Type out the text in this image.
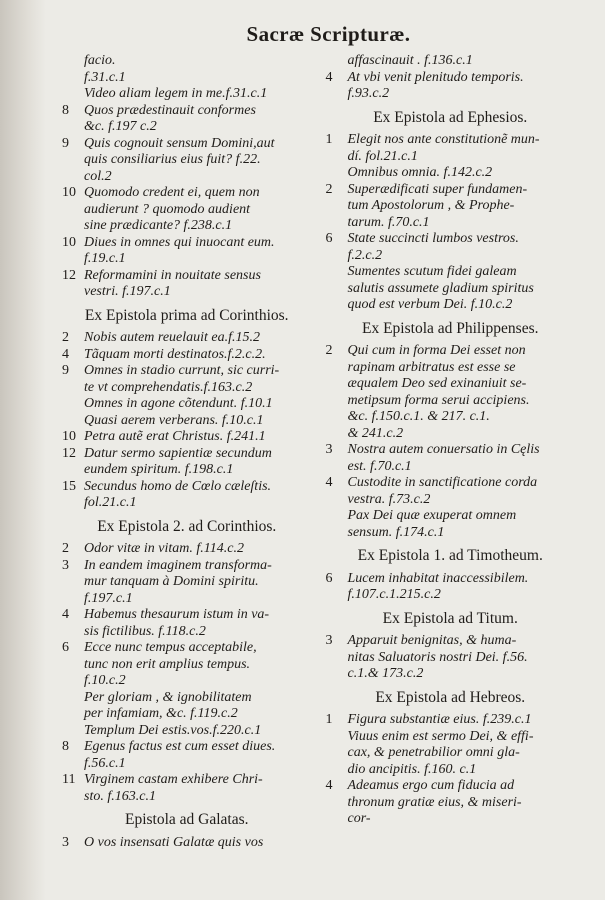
Sacræ Scripturæ.
facio.
f.31.c.1
Video aliam legem in me.f.31.c.1
8	Quos prædestinauit conformes
&c. f.197 c.2
9	Quis cognouit sensum Domini,aut
quis consiliarius eius fuit? f.22.
col.2
10 Quomodo credent ei, quem non
audierunt ? quomodo audient
sine prædicante? f.238.c.1
10 Diues in omnes qui inuocant eum.
f.19.c.1
12 Reformamini in nouitate sensus
vestri. f.197.c.1
Ex Epistola prima ad Corinthios.
2	Nobis autem reuelauit ea.f.15.2
4	Tãquam morti destinatos.f.2.c.2.
9	Omnes in stadio currunt, sic curri-
te vt comprehendatis.f.163.c.2
Omnes in agone cõtendunt. f.10.1
Quasi aerem verberans. f.10.c.1
10 Petra autẽ erat Christus. f.241.1
12 Datur sermo sapientiæ secundum
eundem spiritum. f.198.c.1
15 Secundus homo de Cœlo cæleſtis.
fol.21.c.1
Ex Epistola 2. ad Corinthios.
2	Odor vitæ in vitam. f.114.c.2
3	In eandem imaginem transforma-
mur tanquam à Domini spiritu.
f.197.c.1
4	Habemus thesaurum istum in va-
sis fictilibus. f.118.c.2
6	Ecce nunc tempus acceptabile,
tunc non erit amplius tempus.
f.10.c.2
Per gloriam , & ignobilitatem
per infamiam, &c. f.119.c.2
Templum Dei estis.vos.f.220.c.1
8	Egenus factus est cum esset diues.
f.56.c.1
11 Virginem castam exhibere Chri-
sto. f.163.c.1
Epistola ad Galatas.
3	O vos insensati Galatæ quis vos
affascinauit . f.136.c.1
4	At vbi venit plenitudo temporis.
f.93.c.2
Ex Epistola ad Ephesios.
1	Elegit nos ante constitutionẽ mun-
dí. fol.21.c.1
Omnibus omnia. f.142.c.2
2	Superædificati super fundamen-
tum Apostolorum , & Prophe-
tarum. f.70.c.1
6	State succincti lumbos vestros.
f.2.c.2
Sumentes scutum fidei galeam
salutis assumete gladium spiritus
quod est verbum Dei. f.10.c.2
Ex Epistola ad Philippenses.
2	Qui cum in forma Dei esset non
rapinam arbitratus est esse se
æqualem Deo sed exinaniuit se-
metipsum forma serui accipiens.
&c. f.150.c.1. & 217. c.1.
& 241.c.2
3	Nostra autem conuersatio in Cęlis
est. f.70.c.1
4	Custodite in sanctificatione corda
vestra. f.73.c.2
Pax Dei quæ exuperat omnem
sensum. f.174.c.1
Ex Epistola 1. ad Timotheum.
6	Lucem inhabitat inaccessibilem.
f.107.c.1.215.c.2
Ex Epistola ad Titum.
3	Apparuit benignitas, & huma-
nitas Saluatoris nostri Dei. f.56.
c.1.& 173.c.2
Ex Epistola ad Hebreos.
1	Figura substantiæ eius. f.239.c.1
Viuus enim est sermo Dei, & effi-
cax, & penetrabilior omni gla-
dio ancipitis. f.160. c.1
4	Adeamus ergo cum fiducia ad
thronum gratiæ eius, & miseri-
cor-
